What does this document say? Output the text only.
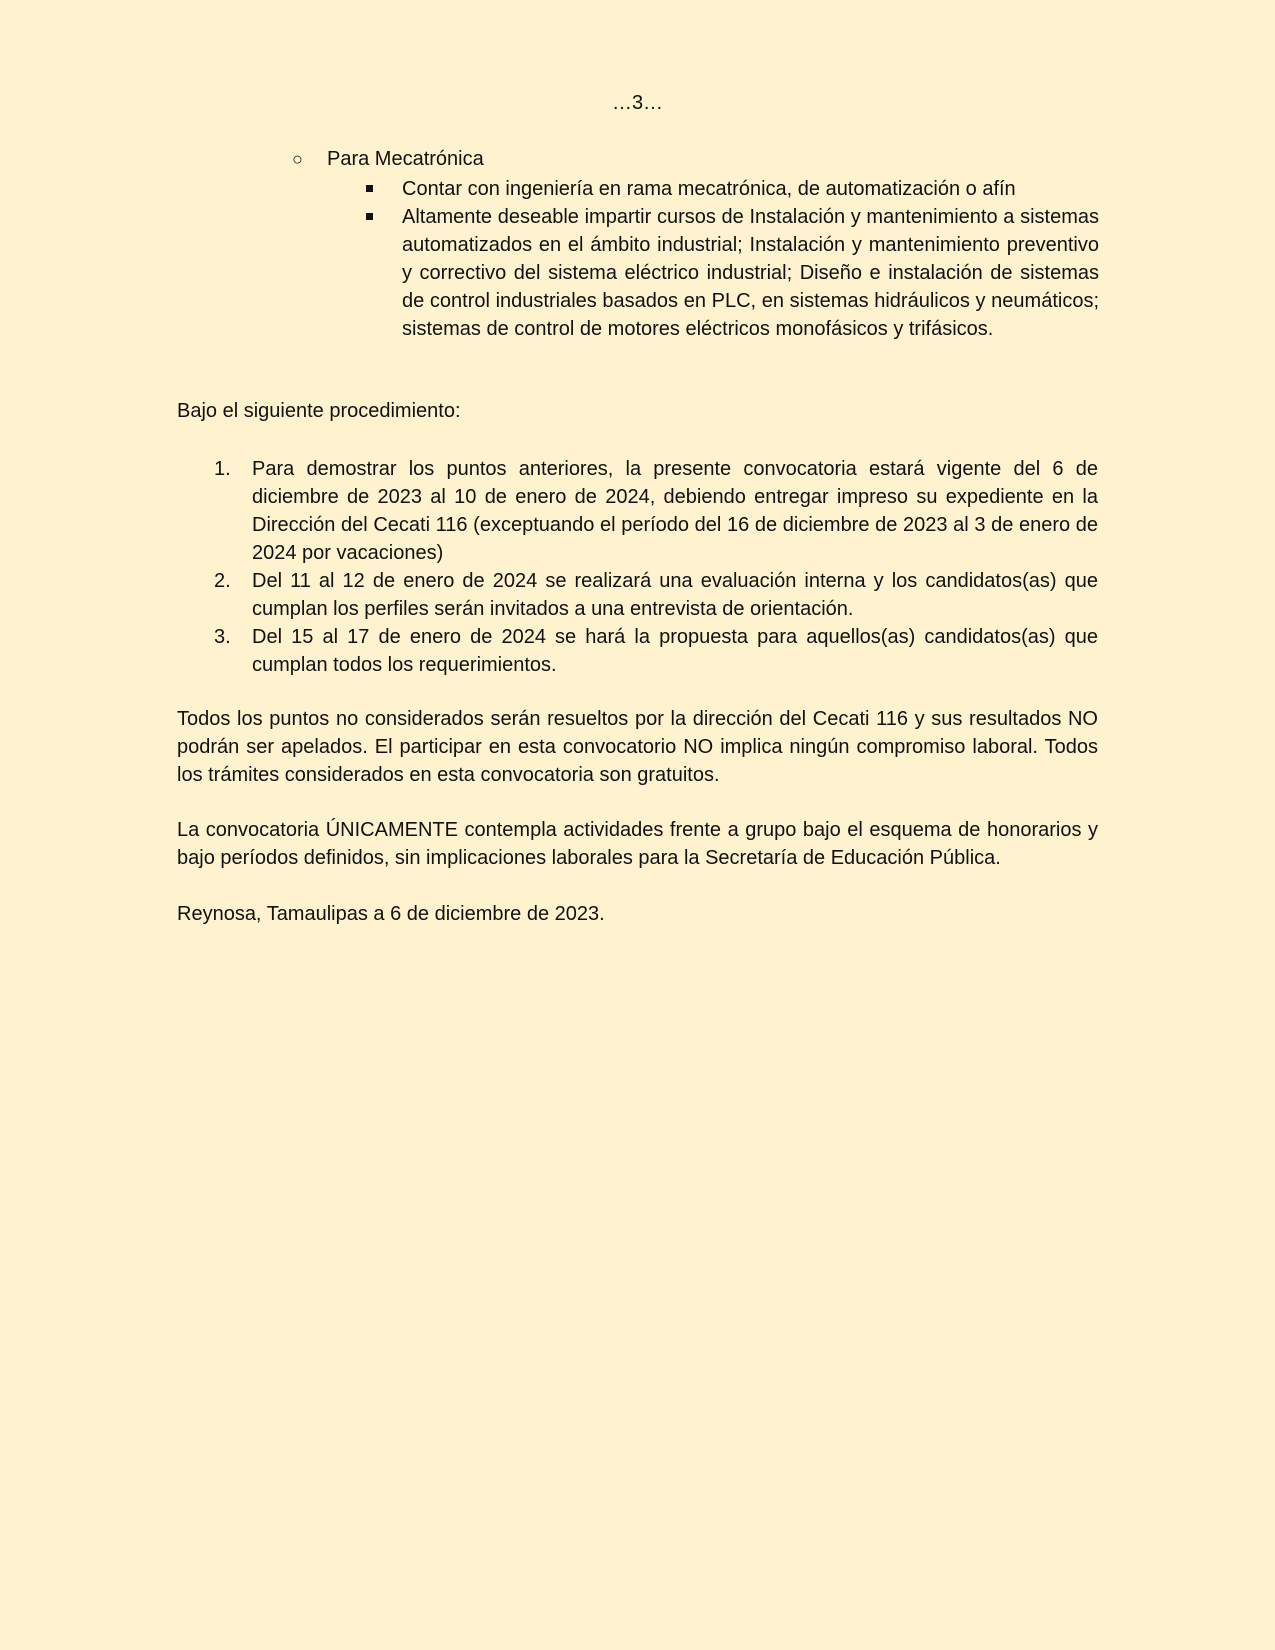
…3…
○	Para Mecatrónica
Contar con ingeniería en rama mecatrónica, de automatización o afín
Altamente deseable impartir cursos de Instalación y mantenimiento a sistemas automatizados en el ámbito industrial; Instalación y mantenimiento preventivo y correctivo del sistema eléctrico industrial; Diseño e instalación de sistemas de control industriales basados en PLC, en sistemas hidráulicos y neumáticos; sistemas de control de motores eléctricos monofásicos y trifásicos.
Bajo el siguiente procedimiento:
1.	Para demostrar los puntos anteriores, la presente convocatoria estará vigente del 6 de diciembre de 2023 al 10 de enero de 2024, debiendo entregar impreso su expediente en la Dirección del Cecati 116 (exceptuando el período del 16 de diciembre de 2023 al 3 de enero de 2024 por vacaciones)
2.	Del 11 al 12 de enero de 2024 se realizará una evaluación interna y los candidatos(as) que cumplan los perfiles serán invitados a una entrevista de orientación.
3.	Del 15 al 17 de enero de 2024 se hará la propuesta para aquellos(as) candidatos(as) que cumplan todos los requerimientos.
Todos los puntos no considerados serán resueltos por la dirección del Cecati 116 y sus resultados NO podrán ser apelados. El participar en esta convocatorio NO implica ningún compromiso laboral. Todos los trámites considerados en esta convocatoria son gratuitos.
La convocatoria ÚNICAMENTE contempla actividades frente a grupo bajo el esquema de honorarios y bajo períodos definidos, sin implicaciones laborales para la Secretaría de Educación Pública.
Reynosa, Tamaulipas a 6 de diciembre de 2023.
